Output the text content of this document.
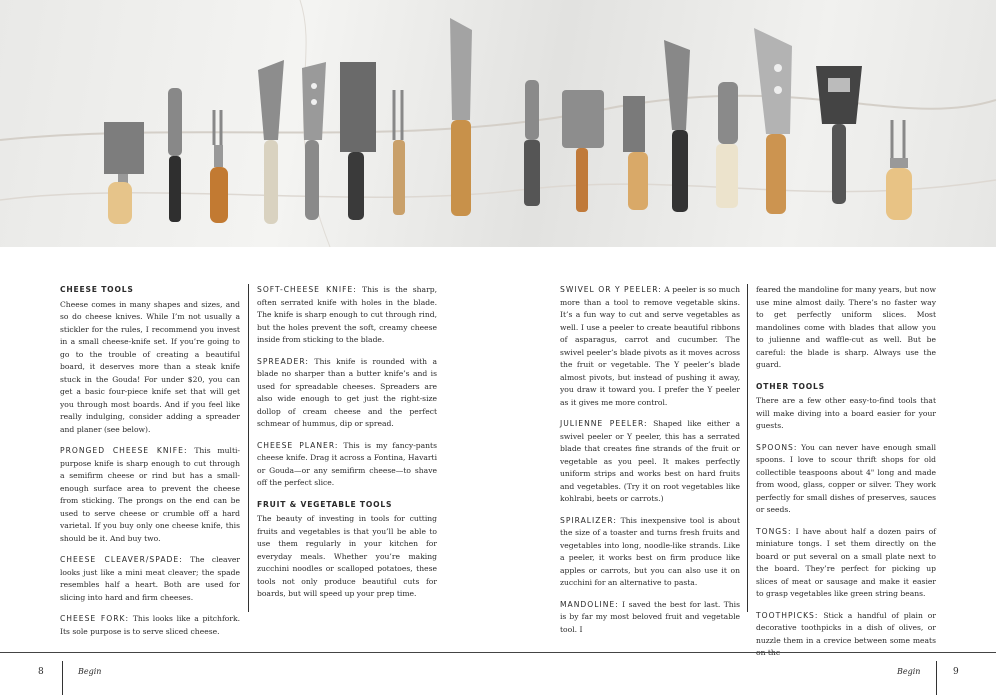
CHEESE TOOLS
Cheese comes in many shapes and sizes, and so do cheese knives. While I’m not usually a stickler for the rules, I recommend you invest in a small cheese-knife set. If you’re going to go to the trouble of creating a beautiful board, it deserves more than a steak knife stuck in the Gouda! For under $20, you can get a basic four-piece knife set that will get you through most boards. And if you feel like really indulging, consider adding a spreader and planer (see below).

PRONGED CHEESE KNIFE: This multi-purpose knife is sharp enough to cut through a semifirm cheese or rind but has a small-enough surface area to prevent the cheese from sticking. The prongs on the end can be used to serve cheese or crumble off a hard varietal. If you buy only one cheese knife, this should be it. And buy two.

CHEESE CLEAVER/SPADE: The cleaver looks just like a mini meat cleaver; the spade resembles half a heart. Both are used for slicing into hard and firm cheeses.

CHEESE FORK: This looks like a pitchfork. Its sole purpose is to serve sliced cheese.

SOFT-CHEESE KNIFE: This is the sharp, often serrated knife with holes in the blade. The knife is sharp enough to cut through rind, but the holes prevent the soft, creamy cheese inside from sticking to the blade.

SPREADER: This knife is rounded with a blade no sharper than a butter knife’s and is used for spreadable cheeses. Spreaders are also wide enough to get just the right-size dollop of cream cheese and the perfect schmear of hummus, dip or spread.

CHEESE PLANER: This is my fancy-pants cheese knife. Drag it across a Fontina, Havarti or Gouda—or any semifirm cheese—to shave off the perfect slice.

FRUIT & VEGETABLE TOOLS
The beauty of investing in tools for cutting fruits and vegetables is that you’ll be able to use them regularly in your kitchen for everyday meals. Whether you’re making zucchini noodles or scalloped potatoes, these tools not only produce beautiful cuts for boards, but will speed up your prep time.

SWIVEL OR Y PEELER: A peeler is so much more than a tool to remove vegetable skins. It’s a fun way to cut and serve vegetables as well. I use a peeler to create beautiful ribbons of asparagus, carrot and cucumber. The swivel peeler’s blade pivots as it moves across the fruit or vegetable. The Y peeler’s blade almost pivots, but instead of pushing it away, you draw it toward you. I prefer the Y peeler as it gives me more control.

JULIENNE PEELER: Shaped like either a swivel peeler or Y peeler, this has a serrated blade that creates fine strands of the fruit or vegetable as you peel. It makes perfectly uniform strips and works best on hard fruits and vegetables. (Try it on root vegetables like kohlrabi, beets or carrots.)

SPIRALIZER: This inexpensive tool is about the size of a toaster and turns fresh fruits and vegetables into long, noodle-like strands. Like a peeler, it works best on firm produce like apples or carrots, but you can also use it on zucchini for an alternative to pasta.

MANDOLINE: I saved the best for last. This is by far my most beloved fruit and vegetable tool. I

feared the mandoline for many years, but now use mine almost daily. There’s no faster way to get perfectly uniform slices. Most mandolines come with blades that allow you to julienne and waffle-cut as well. But be careful: the blade is sharp. Always use the guard.

OTHER TOOLS
There are a few other easy-to-find tools that will make diving into a board easier for your guests.

SPOONS: You can never have enough small spoons. I love to scour thrift shops for old collectible teaspoons about 4" long and made from wood, glass, copper or silver. They work perfectly for small dishes of preserves, sauces or seeds.

TONGS: I have about half a dozen pairs of miniature tongs. I set them directly on the board or put several on a small plate next to the board. They’re perfect for picking up slices of meat or sausage and make it easier to grasp vegetables like green string beans.

TOOTHPICKS: Stick a handful of plain or decorative toothpicks in a dish of olives, or nuzzle them in a crevice between some meats on the

8	Begin	Begin	9
